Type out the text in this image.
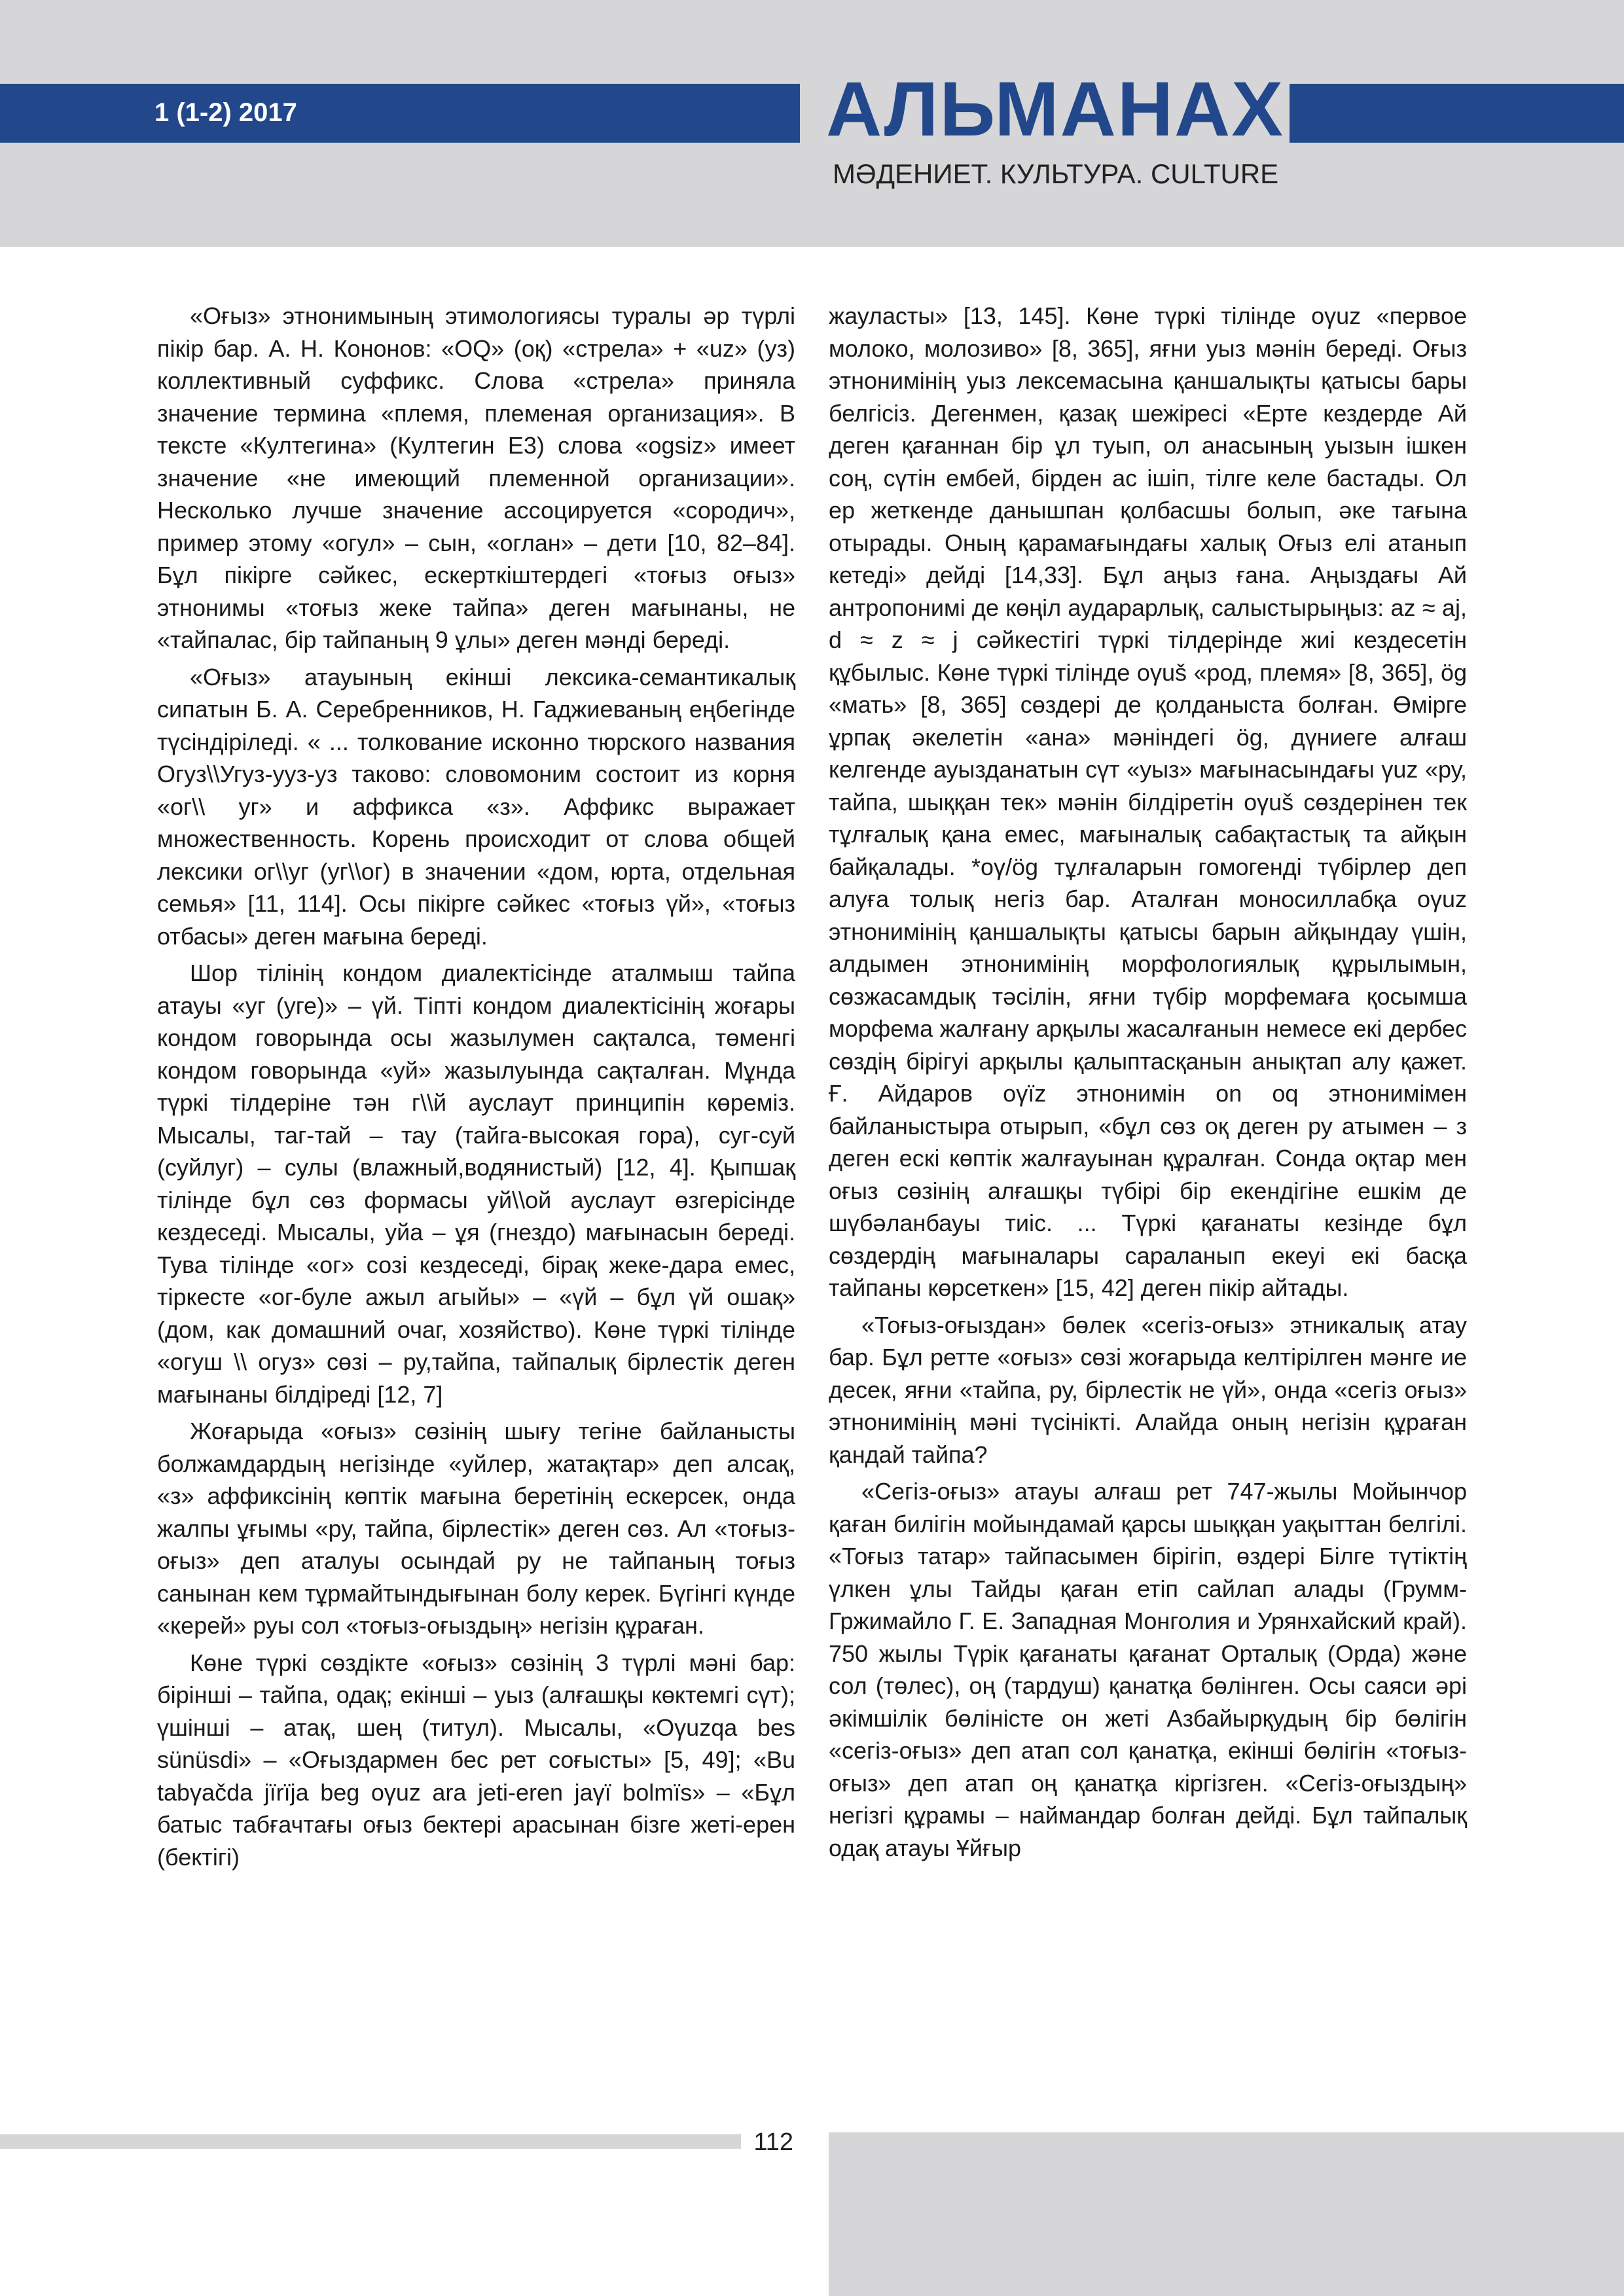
1 (1-2) 2017	АЛЬМАНАХ
МӘДЕНИЕТ. КУЛЬТУРА. CULTURE

«Оғыз» этнонимының этимологиясы туралы әр түрлі пікір бар. А. Н. Кононов: «OQ» (оқ) «стрела» + «uz» (уз) коллективный суффикс. Слова «стрела» приняла значение термина «племя, племеная организация». В тексте «Култегина» (Култегин Е3) слова «ogsiz» имеет значение «не имеющий племенной организации». Несколько лучше значение ассоцируется «сородич», пример этому «огул» – сын, «оглан» – дети [10, 82–84]. Бұл пікірге сәйкес, ескерткіштердегі «тоғыз оғыз» этнонимы «тоғыз жеке тайпа» деген мағынаны, не «тайпалас, бір тайпаның 9 ұлы» деген мәнді береді.

«Оғыз» атауының екінші лексика-семантикалық сипатын Б. А. Серебренников, Н. Гаджиеваның еңбегінде түсіндіріледі. « ... толкование исконно тюрского названия Огуз\\Угуз-ууз-уз таково: словомоним состоит из корня «ог\\ уг» и аффикса «з». Аффикс выражает множественность. Корень происходит от слова общей лексики ог\\уг (уг\\ог) в значении «дом, юрта, отдельная семья» [11, 114]. Осы пікірге сәйкес «тоғыз үй», «тоғыз отбасы» деген мағына береді.

Шор тілінің кондом диалектісінде аталмыш тайпа атауы «уг (уге)» – үй. Тіпті кондом диалектісінің жоғары кондом говорында осы жазылумен сақталса, төменгі кондом говорында «уй» жазылуында сақталған. Мұнда түркі тілдеріне тән г\\й ауслаут принципін көреміз. Мысалы, таг-тай – тау (тайга-высокая гора), суг-суй (суйлуг) – сулы (влажный,водянистый) [12, 4]. Қыпшақ тілінде бұл сөз формасы уй\\ой ауслаут өзгерісінде кездеседі. Мысалы, уйа – ұя (гнездо) мағынасын береді. Тува тілінде «ог» созі кездеседі, бірақ жеке-дара емес, тіркесте «ог-буле ажыл агыйы» – «үй – бұл үй ошақ» (дом, как домашний очаг, хозяйство). Көне түркі тілінде «огуш \\ огуз» сөзі – ру,тайпа, тайпалық бірлестік деген мағынаны білдіреді [12, 7]

Жоғарыда «оғыз» сөзінің шығу тегіне байланысты болжамдардың негізінде «уйлер, жатақтар» деп алсақ, «з» аффиксінің көптік мағына беретінің ескерсек, онда жалпы ұғымы «ру, тайпа, бірлестік» деген сөз. Ал «тоғыз-оғыз» деп аталуы осындай ру не тайпаның тоғыз санынан кем тұрмайтындығынан болу керек. Бүгінгі күнде «керей» руы сол «тоғыз-оғыздың» негізін құраған.

Көне түркі сөздікте «оғыз» сөзінің 3 түрлі мәні бар: бірінші – тайпа, одақ; екінші – уыз (алғашқы көктемгі сүт); үшінші – атақ, шең (титул). Мысалы, «Oγuzqa bes sünüsdi» – «Оғыздармен бес рет соғысты» [5, 49]; «Bu tabγačda jïrïja beg oγuz ara jeti-eren jaγï bolmïs» – «Бұл батыс табғачтағы оғыз бектері арасынан бізге жеті-ерен (бектігі)

жауласты» [13, 145]. Көне түркі тілінде оγuz «первое молоко, молозиво» [8, 365], яғни уыз мәнін береді. Оғыз этнонимінің уыз лексемасына қаншалықты қатысы бары белгісіз. Дегенмен, қазақ шежіресі «Ерте кездерде Ай деген қағаннан бір ұл туып, ол анасының уызын ішкен соң, сүтін ембей, бірден ас ішіп, тілге келе бастады. Ол ер жеткенде данышпан қолбасшы болып, әке тағына отырады. Оның қарамағындағы халық Оғыз елі атанып кетеді» дейді [14,33]. Бұл аңыз ғана. Аңыздағы Ай антропонимі де көңіл аударарлық, салыстырыңыз: az ≈ aj, d ≈ z ≈ j сәйкестігі түркі тілдерінде жиі кездесетін құбылыс. Көне түркі тілінде оγuš «род, племя» [8, 365], ög «мать» [8, 365] сөздері де қолданыста болған. Өмірге ұрпақ әкелетін «ана» мәніндегі ög, дүниеге алғаш келгенде ауызданатын сүт «уыз» мағынасындағы γuz «ру, тайпа, шыққан тек» мәнін білдіретін оγuš сөздерінен тек тұлғалық қана емес, мағыналық сабақтастық та айқын байқалады. *оγ/ög тұлғаларын гомогенді түбірлер деп алуға толық негіз бар. Аталған моносиллабқа оγuz этнонимінің қаншалықты қатысы барын айқындау үшін, алдымен этнонимінің морфологиялық құрылымын, сөзжасамдық тәсілін, яғни түбір морфемаға қосымша морфема жалғану арқылы жасалғанын немесе екі дербес сөздің бірігуі арқылы қалыптасқанын анықтап алу қажет. Ғ. Айдаров оγïz этнонимін on oq этнонимімен байланыстыра отырып, «бұл сөз оқ деген ру атымен – з деген ескі көптік жалғауынан құралған. Сонда оқтар мен оғыз сөзінің алғашқы түбірі бір екендігіне ешкім де шүбәланбауы тиіс. ... Түркі қағанаты кезінде бұл сөздердің мағыналары сараланып екеуі екі басқа тайпаны көрсеткен» [15, 42] деген пікір айтады.

«Тоғыз-оғыздан» бөлек «сегіз-оғыз» этникалық атау бар. Бұл ретте «оғыз» сөзі жоғарыда келтірілген мәнге ие десек, яғни «тайпа, ру, бірлестік не үй», онда «сегіз оғыз» этнонимінің мәні түсінікті. Алайда оның негізін құраған қандай тайпа?

«Сегіз-оғыз» атауы алғаш рет 747-жылы Мойынчор қаған билігін мойындамай қарсы шыққан уақыттан белгілі. «Тоғыз татар» тайпасымен бірігіп, өздері Білге түтіктің үлкен ұлы Тайды қаған етіп сайлап алады (Грумм-Гржимайло Г. Е. Западная Монголия и Урянхайский край). 750 жылы Түрік қағанаты қағанат Орталық (Орда) және сол (төлес), оң (тардуш) қанатқа бөлінген. Осы саяси әрі әкімшілік бөліністе он жеті Азбайырқудың бір бөлігін «сегіз-оғыз» деп атап сол қанатқа, екінші бөлігін «тоғыз-оғыз» деп атап оң қанатқа кіргізген. «Сегіз-оғыздың» негізгі құрамы – наймандар болған дейді. Бұл тайпалық одақ атауы Ұйғыр

112
